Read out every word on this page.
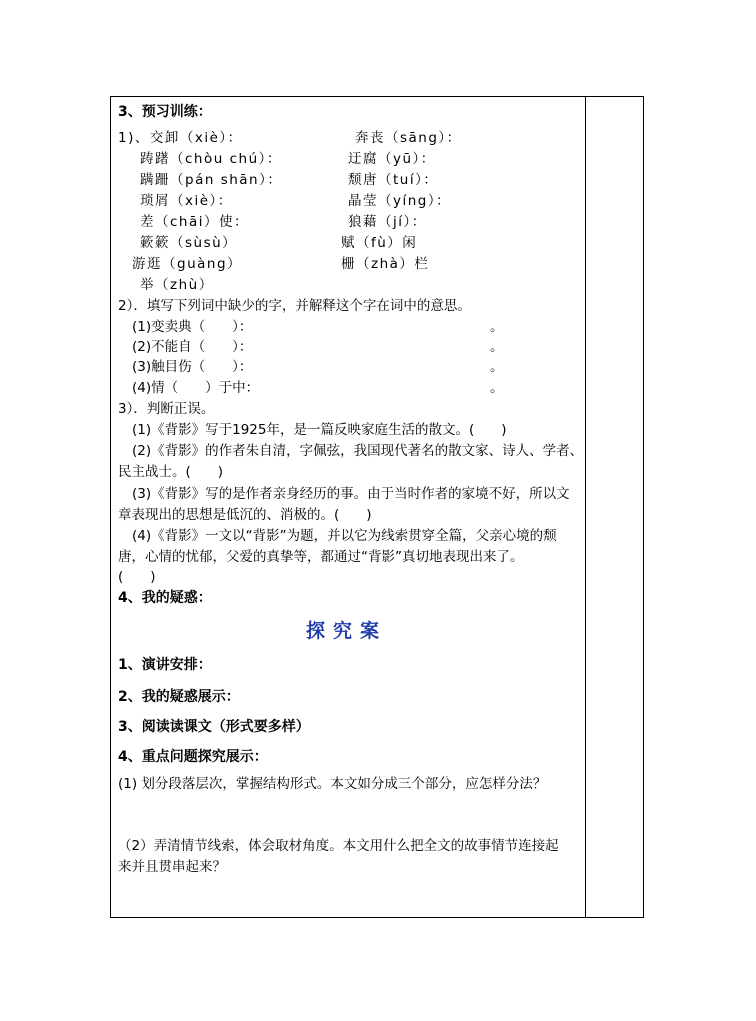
3、预习训练：
1)、交卸（xiè）：	奔丧（sāng）：
踌躇（chòu chú）：	迂腐（yū）：
蹒跚（pán shān）：	颓唐（tuí）：
琐屑（xiè）：	晶莹（yíng）：
差（chāi）使：	狼藉（jí）：
簌簌（sùsù）	赋（fù）闲
游逛（guàng）	栅（zhà）栏
举（zhù）
2）．填写下列词中缺少的字，并解释这个字在词中的意思。
(1)变卖典（　　）：	。
(2)不能自（　　）：	。
(3)触目伤（　　）：	。
(4)情（　　）于中：	。
3）．判断正误。
(1)《背影》写于1925年，是一篇反映家庭生活的散文。(　　)
(2)《背影》的作者朱自清，字佩弦，我国现代著名的散文家、诗人、学者、
民主战士。(　　)
(3)《背影》写的是作者亲身经历的事。由于当时作者的家境不好，所以文
章表现出的思想是低沉的、消极的。(　　)
(4)《背影》一文以“背影”为题，并以它为线索贯穿全篇，父亲心境的颓
唐，心情的忧郁，父爱的真挚等，都通过“背影”真切地表现出来了。
(　　)
4、我的疑惑：
探究案
1、演讲安排：
2、我的疑惑展示：
3、阅读读课文（形式要多样）
4、重点问题探究展示：
(1) 划分段落层次，掌握结构形式。本文如分成三个部分，应怎样分法？
（2）弄清情节线索，体会取材角度。本文用什么把全文的故事情节连接起
来并且贯串起来？
